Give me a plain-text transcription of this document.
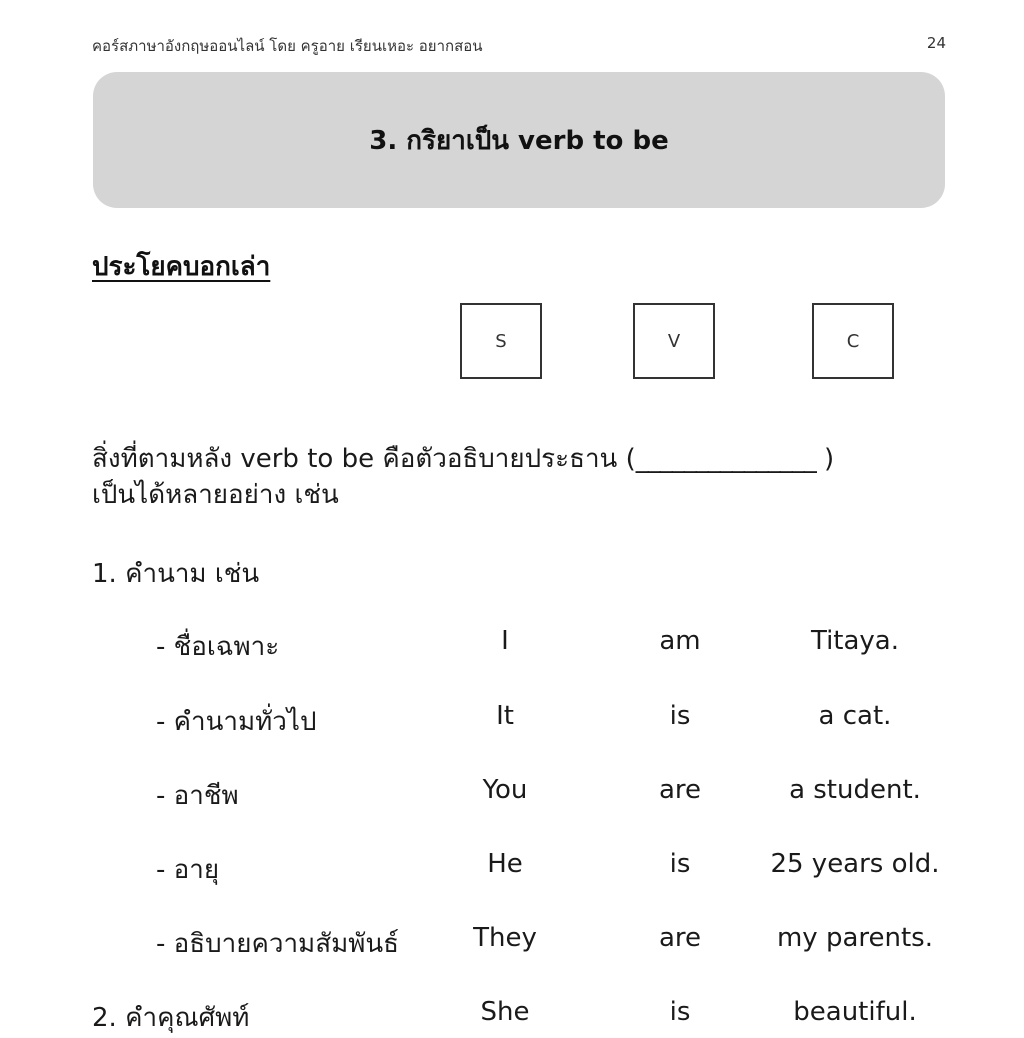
คอร์สภาษาอังกฤษออนไลน์ โดย ครูอาย เรียนเหอะ อยากสอน	24
3. กริยาเป็น verb to be
ประโยคบอกเล่า
S	V	C
สิ่งที่ตามหลัง verb to be คือตัวอธิบายประธาน (_______________ )
เป็นได้หลายอย่าง เช่น
1. คำนาม เช่น
- ชื่อเฉพาะ	I	am	Titaya.
- คำนามทั่วไป	It	is	a cat.
- อาชีพ	You	are	a student.
- อายุ	He	is	25 years old.
- อธิบายความสัมพันธ์	They	are	my parents.
2. คำคุณศัพท์	She	is	beautiful.
